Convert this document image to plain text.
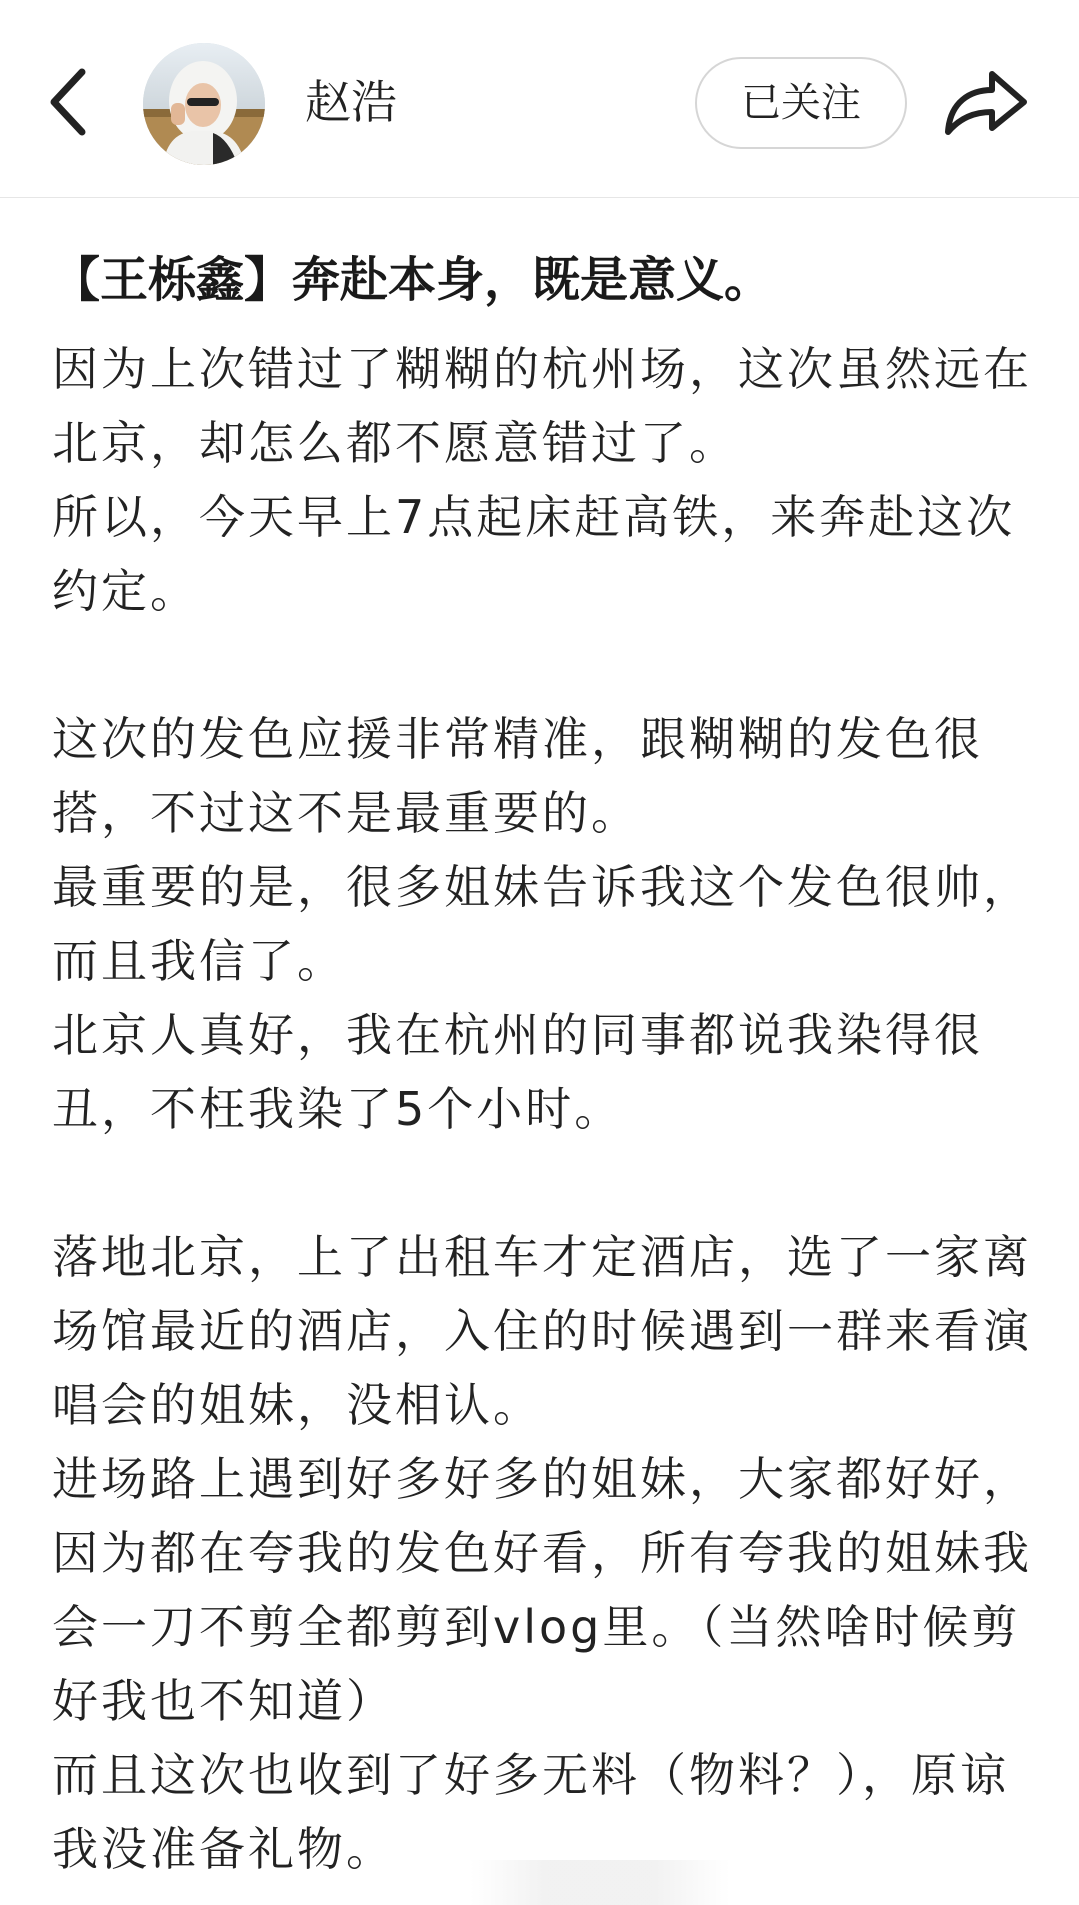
赵浩	已关注
【王栎鑫】奔赴本身，既是意义。

因为上次错过了糊糊的杭州场，这次虽然远在北京，却怎么都不愿意错过了。

所以，今天早上7点起床赶高铁，来奔赴这次约定。

这次的发色应援非常精准，跟糊糊的发色很搭，不过这不是最重要的。

最重要的是，很多姐妹告诉我这个发色很帅，而且我信了。

北京人真好，我在杭州的同事都说我染得很丑，不枉我染了5个小时。

落地北京，上了出租车才定酒店，选了一家离场馆最近的酒店，入住的时候遇到一群来看演唱会的姐妹，没相认。

进场路上遇到好多好多的姐妹，大家都好好，因为都在夸我的发色好看，所有夸我的姐妹我会一刀不剪全都剪到vlog里。（当然啥时候剪好我也不知道）

而且这次也收到了好多无料（物料？），原谅我没准备礼物。
